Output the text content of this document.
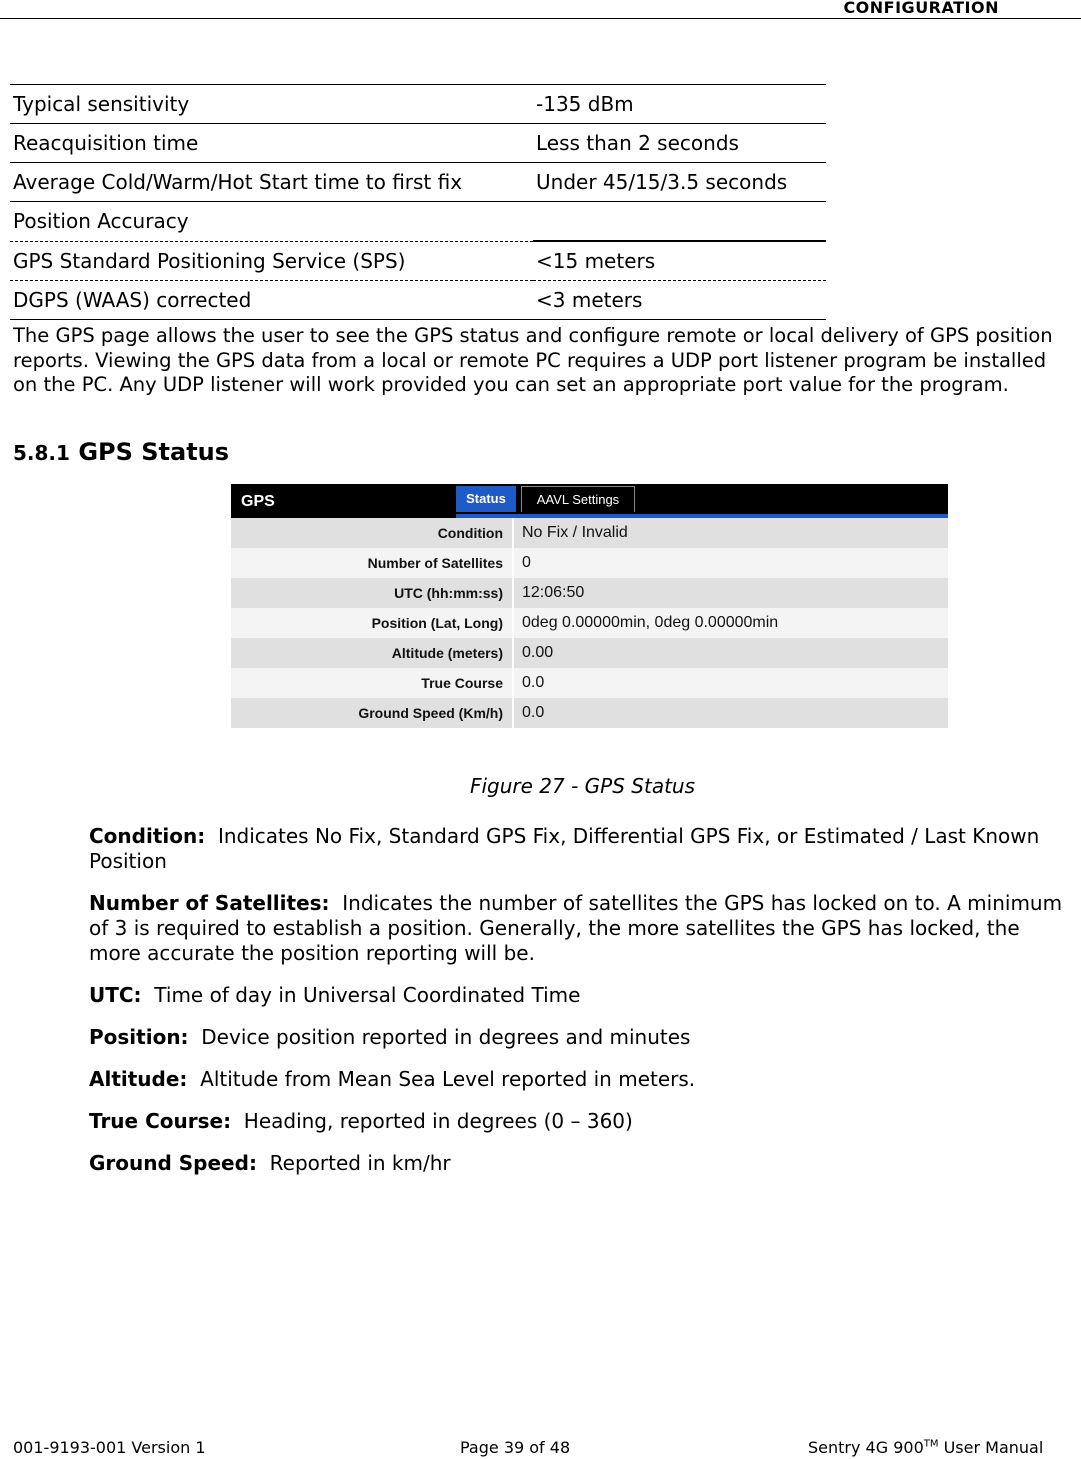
CONFIGURATION
Typical sensitivity	-135 dBm
Reacquisition time	Less than 2 seconds
Average Cold/Warm/Hot Start time to first fix	Under 45/15/3.5 seconds
Position Accuracy	
GPS Standard Positioning Service (SPS)	<15 meters
DGPS (WAAS) corrected	<3 meters
The GPS page allows the user to see the GPS status and configure remote or local delivery of GPS position reports. Viewing the GPS data from a local or remote PC requires a UDP port listener program be installed on the PC. Any UDP listener will work provided you can set an appropriate port value for the program.
5.8.1 GPS Status
GPS	Status	AAVL Settings
Condition	No Fix / Invalid
Number of Satellites	0
UTC (hh:mm:ss)	12:06:50
Position (Lat, Long)	0deg 0.00000min, 0deg 0.00000min
Altitude (meters)	0.00
True Course	0.0
Ground Speed (Km/h)	0.0
Figure 27 - GPS Status

Condition: Indicates No Fix, Standard GPS Fix, Differential GPS Fix, or Estimated / Last Known Position

Number of Satellites: Indicates the number of satellites the GPS has locked on to. A minimum of 3 is required to establish a position. Generally, the more satellites the GPS has locked, the more accurate the position reporting will be.

UTC: Time of day in Universal Coordinated Time

Position: Device position reported in degrees and minutes

Altitude: Altitude from Mean Sea Level reported in meters.

True Course: Heading, reported in degrees (0 – 360)

Ground Speed: Reported in km/hr

001-9193-001 Version 1	Page 39 of 48	Sentry 4G 900™ User Manual
